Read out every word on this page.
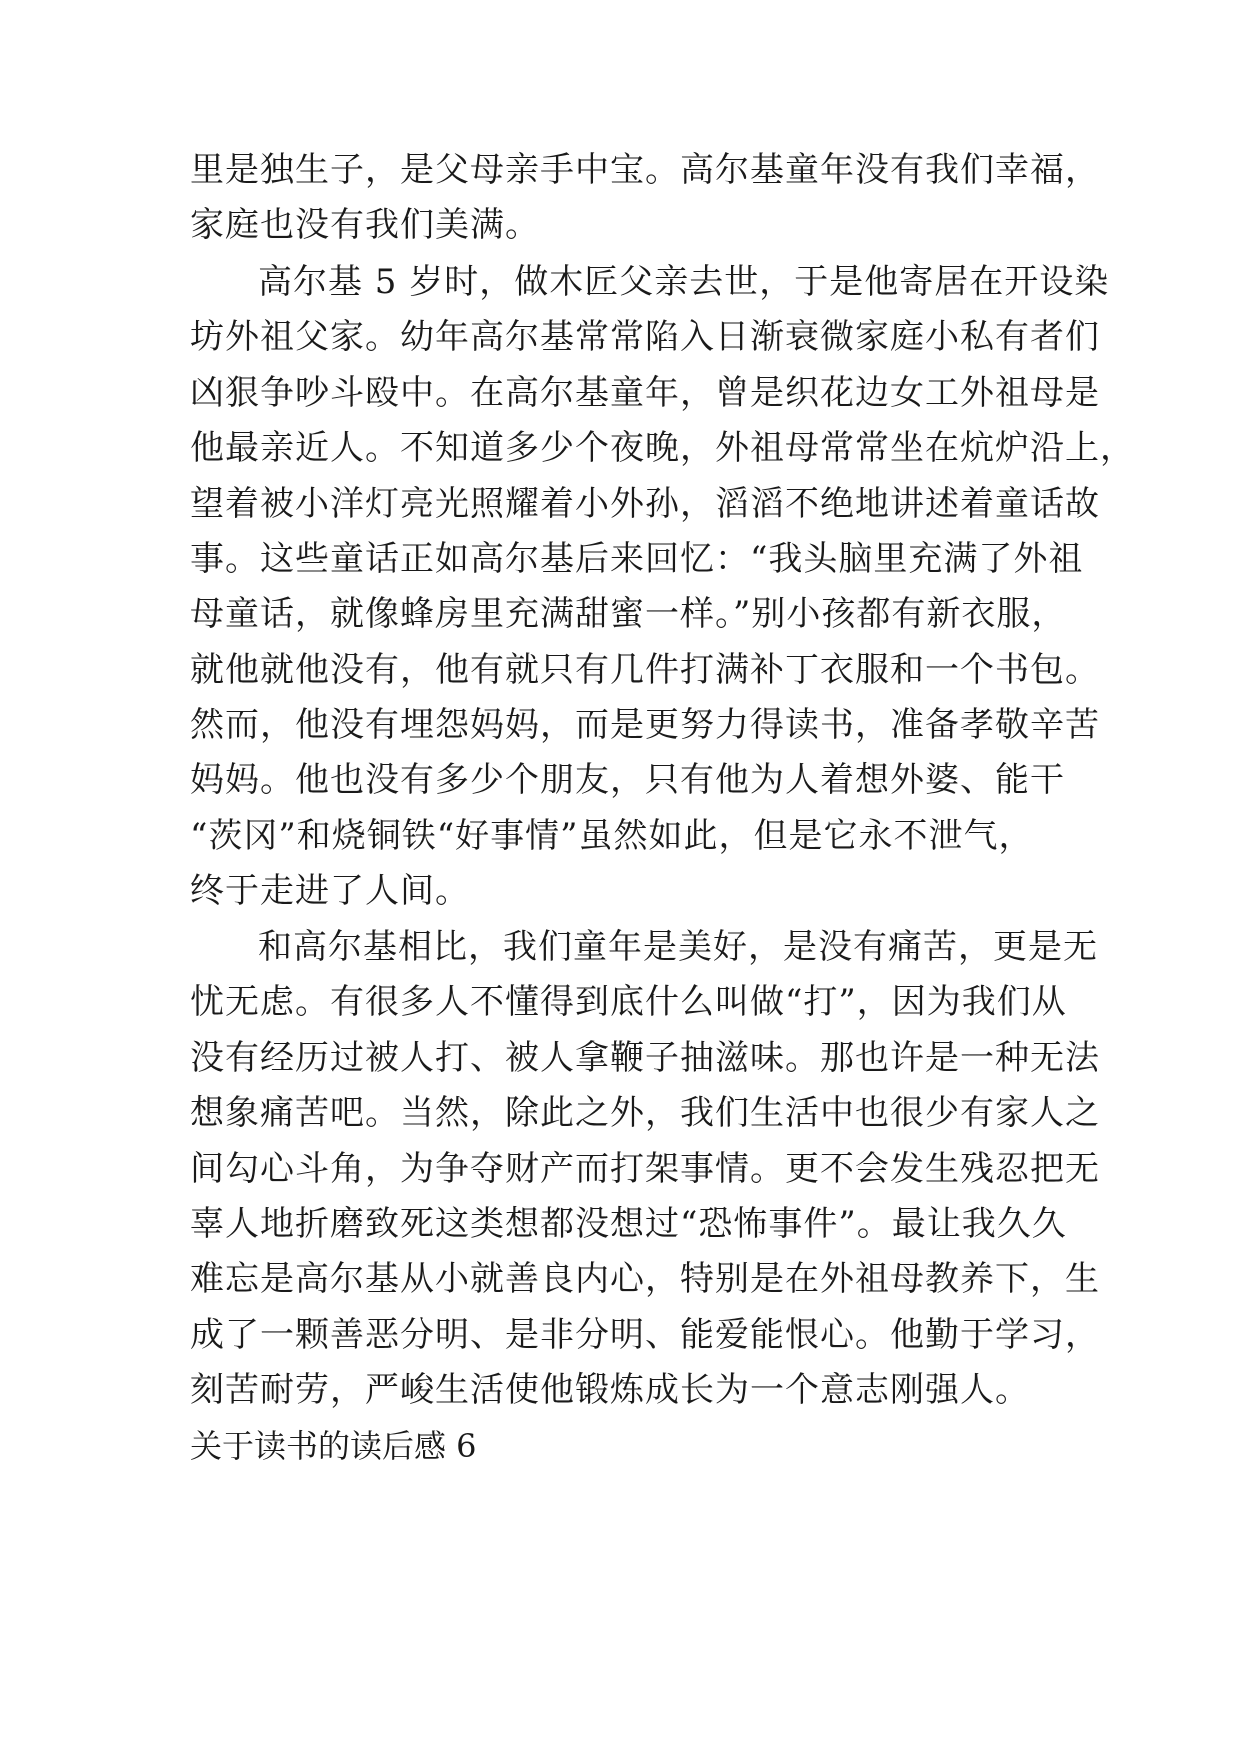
里是独生子，是父母亲手中宝。高尔基童年没有我们幸福，
家庭也没有我们美满。
高尔基 5 岁时，做木匠父亲去世，于是他寄居在开设染
坊外祖父家。幼年高尔基常常陷入日渐衰微家庭小私有者们
凶狠争吵斗殴中。在高尔基童年，曾是织花边女工外祖母是
他最亲近人。不知道多少个夜晚，外祖母常常坐在炕炉沿上，
望着被小洋灯亮光照耀着小外孙，滔滔不绝地讲述着童话故
事。这些童话正如高尔基后来回忆：“我头脑里充满了外祖
母童话，就像蜂房里充满甜蜜一样。”别小孩都有新衣服，
就他就他没有，他有就只有几件打满补丁衣服和一个书包。
然而，他没有埋怨妈妈，而是更努力得读书，准备孝敬辛苦
妈妈。他也没有多少个朋友，只有他为人着想外婆、能干
“茨冈”和烧铜铁“好事情”虽然如此，但是它永不泄气，
终于走进了人间。
和高尔基相比，我们童年是美好，是没有痛苦，更是无
忧无虑。有很多人不懂得到底什么叫做“打”，因为我们从
没有经历过被人打、被人拿鞭子抽滋味。那也许是一种无法
想象痛苦吧。当然，除此之外，我们生活中也很少有家人之
间勾心斗角，为争夺财产而打架事情。更不会发生残忍把无
辜人地折磨致死这类想都没想过“恐怖事件”。最让我久久
难忘是高尔基从小就善良内心，特别是在外祖母教养下，生
成了一颗善恶分明、是非分明、能爱能恨心。他勤于学习，
刻苦耐劳，严峻生活使他锻炼成长为一个意志刚强人。
关于读书的读后感 6
